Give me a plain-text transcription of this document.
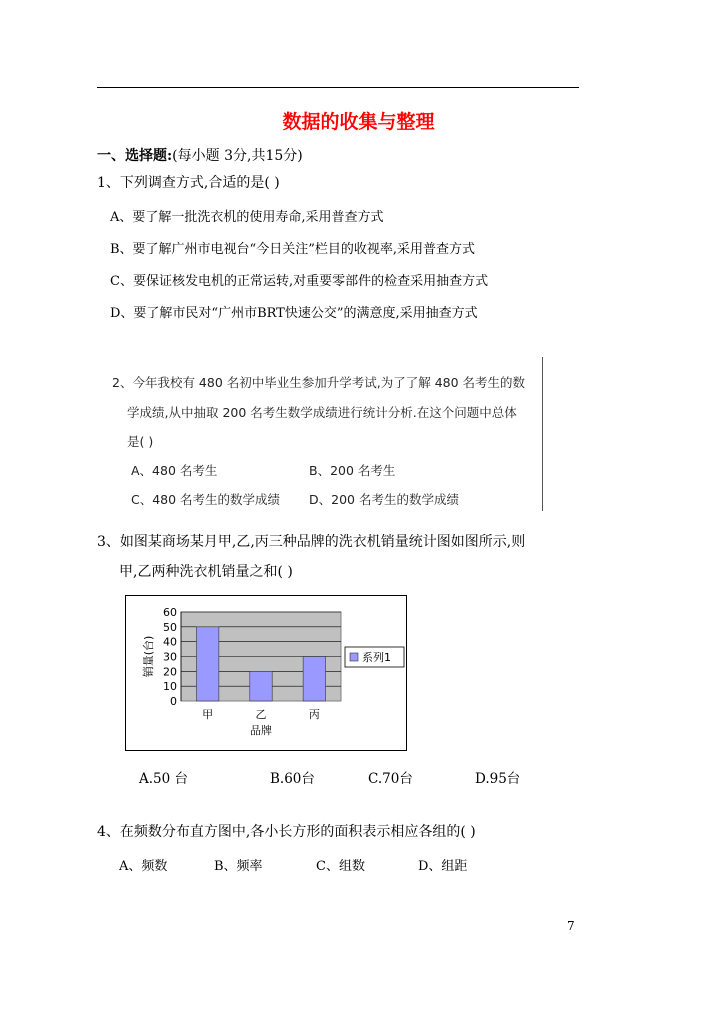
数据的收集与整理
一、选择题:(每小题 3分,共15分)
1、下列调查方式,合适的是( )
A、要了解一批洗衣机的使用寿命,采用普查方式
B、要了解广州市电视台“今日关注”栏目的收视率,采用普查方式
C、要保证核发电机的正常运转,对重要零部件的检查采用抽查方式
D、要了解市民对“广州市BRT快速公交”的满意度,采用抽查方式
2、今年我校有 480 名初中毕业生参加升学考试,为了了解 480 名考生的数
学成绩,从中抽取 200 名考生数学成绩进行统计分析.在这个问题中总体
是( )
A、480 名考生	B、200 名考生
C、480 名考生的数学成绩 D、200 名考生的数学成绩
3、如图某商场某月甲,乙,丙三种品牌的洗衣机销量统计图如图所示,则
甲,乙两种洗衣机销量之和( )
0
10
20
30
40
50
60
甲	乙	丙
销量(台)
品牌
系列1
A.50 台	B.60台	C.70台	D.95台
4、在频数分布直方图中,各小长方形的面积表示相应各组的( )
A、频数	B、频率	C、组数	D、组距
7
